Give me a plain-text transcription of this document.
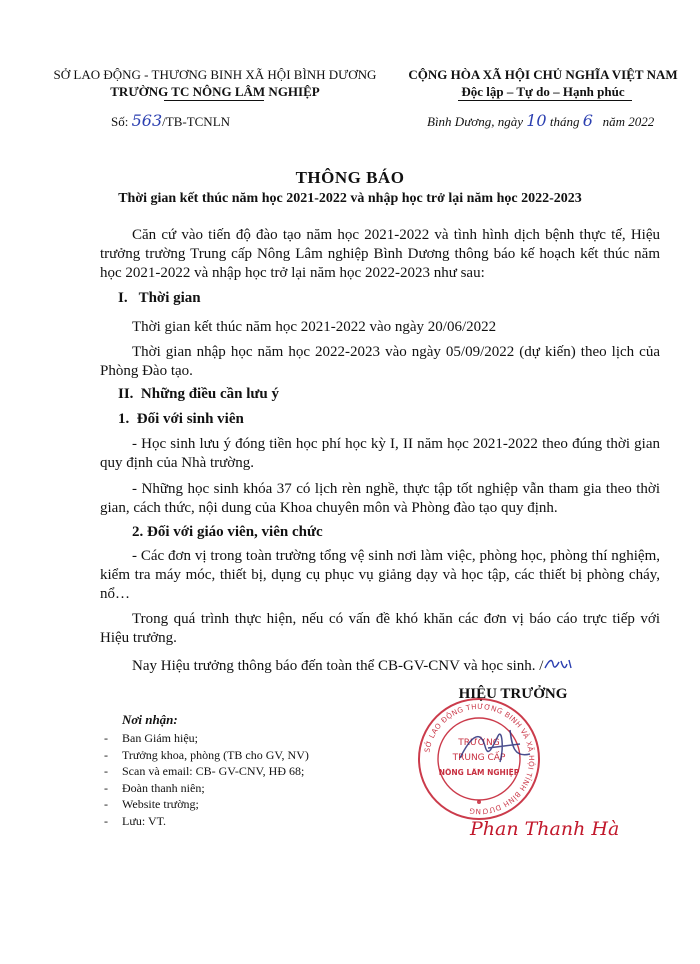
SỞ LAO ĐỘNG - THƯƠNG BINH XÃ HỘI BÌNH DƯƠNG
TRƯỜNG TC NÔNG LÂM NGHIỆP
CỘNG HÒA XÃ HỘI CHỦ NGHĨA VIỆT NAM
Độc lập – Tự do – Hạnh phúc
Số: 563/TB-TCNLN	Bình Dương, ngày 10 tháng 6 năm 2022
THÔNG BÁO
Thời gian kết thúc năm học 2021-2022 và nhập học trở lại năm học 2022-2023
Căn cứ vào tiến độ đào tạo năm học 2021-2022 và tình hình dịch bệnh thực tế, Hiệu trưởng trường Trung cấp Nông Lâm nghiệp Bình Dương thông báo kế hoạch kết thúc năm học 2021-2022 và nhập học trở lại năm học 2022-2023 như sau:
I.   Thời gian
Thời gian kết thúc năm học 2021-2022 vào ngày 20/06/2022
Thời gian nhập học năm học 2022-2023 vào ngày 05/09/2022 (dự kiến) theo lịch của Phòng Đào tạo.
II.  Những điều cần lưu ý
1.  Đối với sinh viên
- Học sinh lưu ý đóng tiền học phí học kỳ I, II năm học 2021-2022 theo đúng thời gian quy định của Nhà trường.
- Những học sinh khóa 37 có lịch rèn nghề, thực tập tốt nghiệp vẫn tham gia theo thời gian, cách thức, nội dung của Khoa chuyên môn và Phòng đào tạo quy định.
2. Đối với giáo viên, viên chức
- Các đơn vị trong toàn trường tổng vệ sinh nơi làm việc, phòng học, phòng thí nghiệm, kiểm tra máy móc, thiết bị, dụng cụ phục vụ giảng dạy và học tập, các thiết bị phòng cháy, nổ…
Trong quá trình thực hiện, nếu có vấn đề khó khăn các đơn vị báo cáo trực tiếp với Hiệu trưởng.
Nay Hiệu trưởng thông báo đến toàn thể CB-GV-CNV và học sinh. /
Nơi nhận:
-	Ban Giám hiệu;
-	Trưởng khoa, phòng (TB cho GV, NV)
-	Scan và email: CB- GV-CNV, HĐ 68;
-	Đoàn thanh niên;
-	Website trường;
-	Lưu: VT.
HIỆU TRƯỞNG
SỞ LAO ĐỘNG THƯƠNG BINH VÀ XÃ HỘI TỈNH BÌNH DƯƠNG
TRƯỜNG
TRUNG CẤP
NÔNG LÂM NGHIỆP
Phan Thanh Hà
